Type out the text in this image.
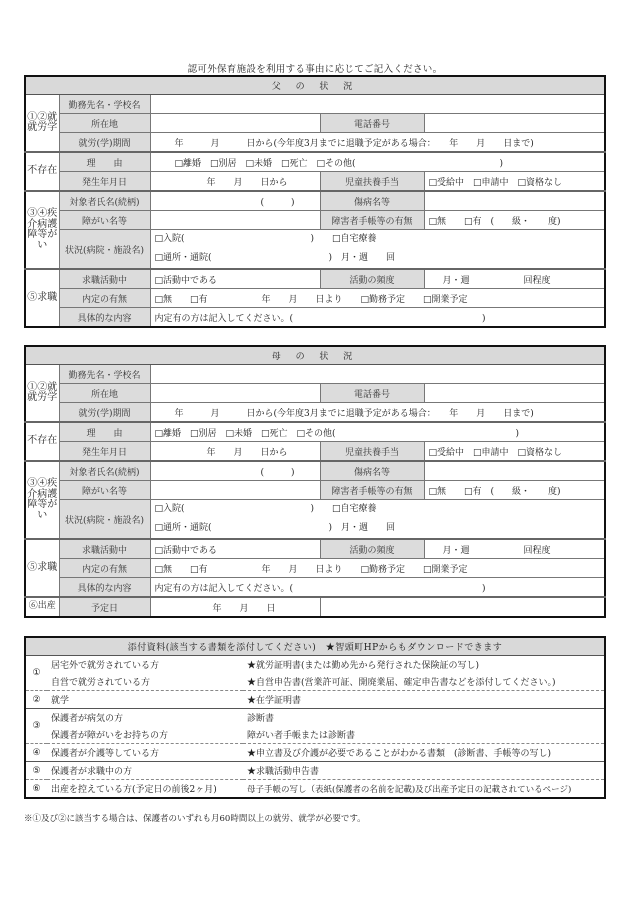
認可外保育施設を利用する事由に応じてご記入ください。
父 の 状 況				
①②就就労学	勤務先名・学校名			
	所在地		電話番号	
	就労(学)期間	年　　　月　　　日から(今年度3月までに退職予定がある場合：　　年　　月　　日まで)		
不存在	理　　由	□離婚　□別居　□未婚　□死亡　□その他(　　　　　　　　　　　　　　　　)		
	発生年月日	年　　月　　日から	児童扶養手当	□受給中　□申請中　□資格なし
③④疾介病護障等がい	対象者氏名(続柄)	(　　　)	傷病名等	
	障がい名等		障害者手帳等の有無	□無　　□有　(　　級・　　度)
	状況(病院・施設名)	□入院(　　　　　　　　　　　　　　)　　□自宅療養
□通所・通院(　　　　　　　　　　　　　)　月・週　　回		

⑤求職	求職活動中	□活動中である	活動の頻度	月・週　　　　　　回程度
	内定の有無	□無　　□有　　　　　　年　　月　　日より　　□勤務予定　　□開業予定		
	具体的な内容	内定有の方は記入してください。(　　　　　　　　　　　　　　　　　　　　　)		
母 の 状 況				
①②就就労学	勤務先名・学校名			
	所在地		電話番号	
	就労(学)期間	年　　　月　　　日から(今年度3月までに退職予定がある場合：　　年　　月　　日まで)		
不存在	理　　由	□離婚　□別居　□未婚　□死亡　□その他(　　　　　　　　　　　　　　　　　　　　)		
	発生年月日	年　　月　　日から	児童扶養手当	□受給中　□申請中　□資格なし
③④疾介病護障等がい	対象者氏名(続柄)	(　　　)	傷病名等	
	障がい名等		障害者手帳等の有無	□無　　□有　(　　級・　　度)
	状況(病院・施設名)	□入院(　　　　　　　　　　　　　　)　　□自宅療養
□通所・通院(　　　　　　　　　　　　　)　月・週　　回		

⑤求職	求職活動中	□活動中である	活動の頻度	月・週　　　　　　回程度
	内定の有無	□無　　□有　　　　　　年　　月　　日より　　□勤務予定　　□開業予定		
	具体的な内容	内定有の方は記入してください。(　　　　　　　　　　　　　　　　　　　　　)		
⑥出産	予定日	年　　月　　日		
添付資料(該当する書類を添付してください)　★智頭町HPからもダウンロードできます		
①	居宅外で就労されている方	★就労証明書(または勤め先から発行された保険証の写し)
	自営で就労されている方	★自営申告書(営業許可証、開廃業届、確定申告書などを添付してください。)
②	就学	★在学証明書
③	保護者が病気の方	診断書
	保護者が障がいをお持ちの方	障がい者手帳または診断書
④	保護者が介護等している方	★申立書及び介護が必要であることがわかる書類　(診断書、手帳等の写し)
⑤	保護者が求職中の方	★求職活動申告書
⑥	出産を控えている方(予定日の前後2ヶ月)	母子手帳の写し（表紙(保護者の名前を記載)及び出産予定日の記載されているページ)
※①及び②に該当する場合は、保護者のいずれも月60時間以上の就労、就学が必要です。
